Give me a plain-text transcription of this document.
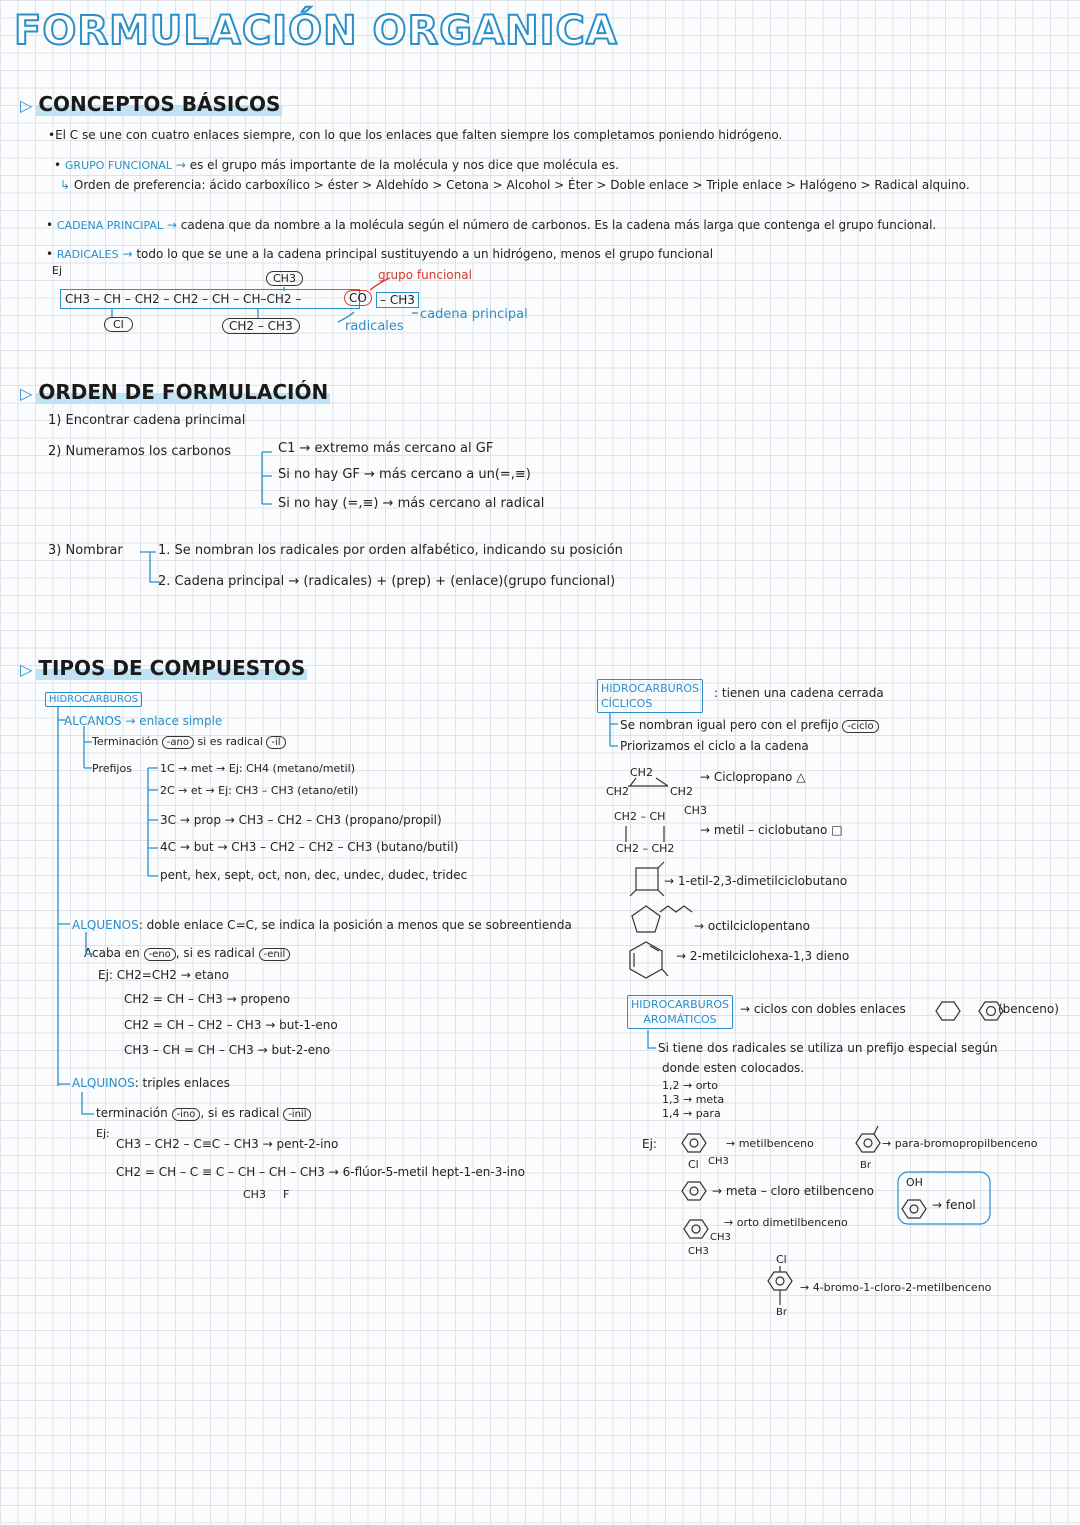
FORMULACIÓN ORGANICA
▷ CONCEPTOS BÁSICOS
•El C se une con cuatro enlaces siempre, con lo que los enlaces que falten siempre los completamos poniendo hidrógeno.
• GRUPO FUNCIONAL → es el grupo más importante de la molécula y nos dice que molécula es.
↳ Orden de preferencia: ácido carboxílico > éster > Aldehído > Cetona > Alcohol > Éter > Doble enlace > Triple enlace > Halógeno > Radical alquino.
• CADENA PRINCIPAL → cadena que da nombre a la molécula según el número de carbonos. Es la cadena más larga que contenga el grupo funcional.
• RADICALES → todo lo que se une a la cadena principal sustituyendo a un hidrógeno, menos el grupo funcional
Ej
CH3
CH3 – CH – CH2 – CH2 – CH – CH–CH2 –	CO	– CH3
Cl	CH2 – CH3
grupo funcional
cadena principal
radicales
▷ ORDEN DE FORMULACIÓN
1) Encontrar cadena princimal
2) Numeramos los carbonos	C1 → extremo más cercano al GF
Si no hay GF → más cercano a un(=,≡)
Si no hay (=,≡) → más cercano al radical
3) Nombrar	1. Se nombran los radicales por orden alfabético, indicando su posición
2. Cadena principal → (radicales) + (prep) + (enlace)(grupo funcional)
▷ TIPOS DE COMPUESTOS
HIDROCARBUROS
ALCANOS → enlace simple
Terminación -ano si es radical -il
Prefijos	1C → met → Ej: CH4 (metano/metil)
2C → et → Ej: CH3 – CH3 (etano/etil)
3C → prop → CH3 – CH2 – CH3 (propano/propil)
4C → but → CH3 – CH2 – CH2 – CH3 (butano/butil)
pent, hex, sept, oct, non, dec, undec, dudec, tridec
ALQUENOS: doble enlace C=C, se indica la posición a menos que se sobreentienda
Acaba en -eno , si es radical -enil
Ej: CH2=CH2 → etano
CH2 = CH – CH3 → propeno
CH2 = CH – CH2 – CH3 → but-1-eno
CH3 – CH = CH – CH3 → but-2-eno
ALQUINOS: triples enlaces
terminación -ino , si es radical -inil
Ej:
CH3 – CH2 – C≡C – CH3 → pent-2-ino
CH2 = CH – C ≡ C – CH – CH – CH3 → 6-flúor-5-metil hept-1-en-3-ino
CH3 F
HIDROCARBUROS
CÍCLICOS
: tienen una cadena cerrada
Se nombran igual pero con el prefijo -ciclo
Priorizamos el ciclo a la cadena
CH2
CH2	CH2
→ Ciclopropano △
CH2 – CH CH3
CH2 – CH2
→ metil – ciclobutano □
→ 1-etil-2,3-dimetilciclobutano
→ octilciclopentano
→ 2-metilciclohexa-1,3 dieno
HIDROCARBUROS
AROMÁTICOS
→ ciclos con dobles enlaces	(benceno)
Si tiene dos radicales se utiliza un prefijo especial según
donde esten colocados.
1,2 → orto
1,3 → meta
1,4 → para
Ej:	→ metilbenceno
Cl CH3
→ para-bromopropilbenceno
Br
→ meta – cloro etilbenceno
OH
→ fenol
→ orto dimetilbenceno
CH3
CH3
Cl
→ 4-bromo-1-cloro-2-metilbenceno
Br
